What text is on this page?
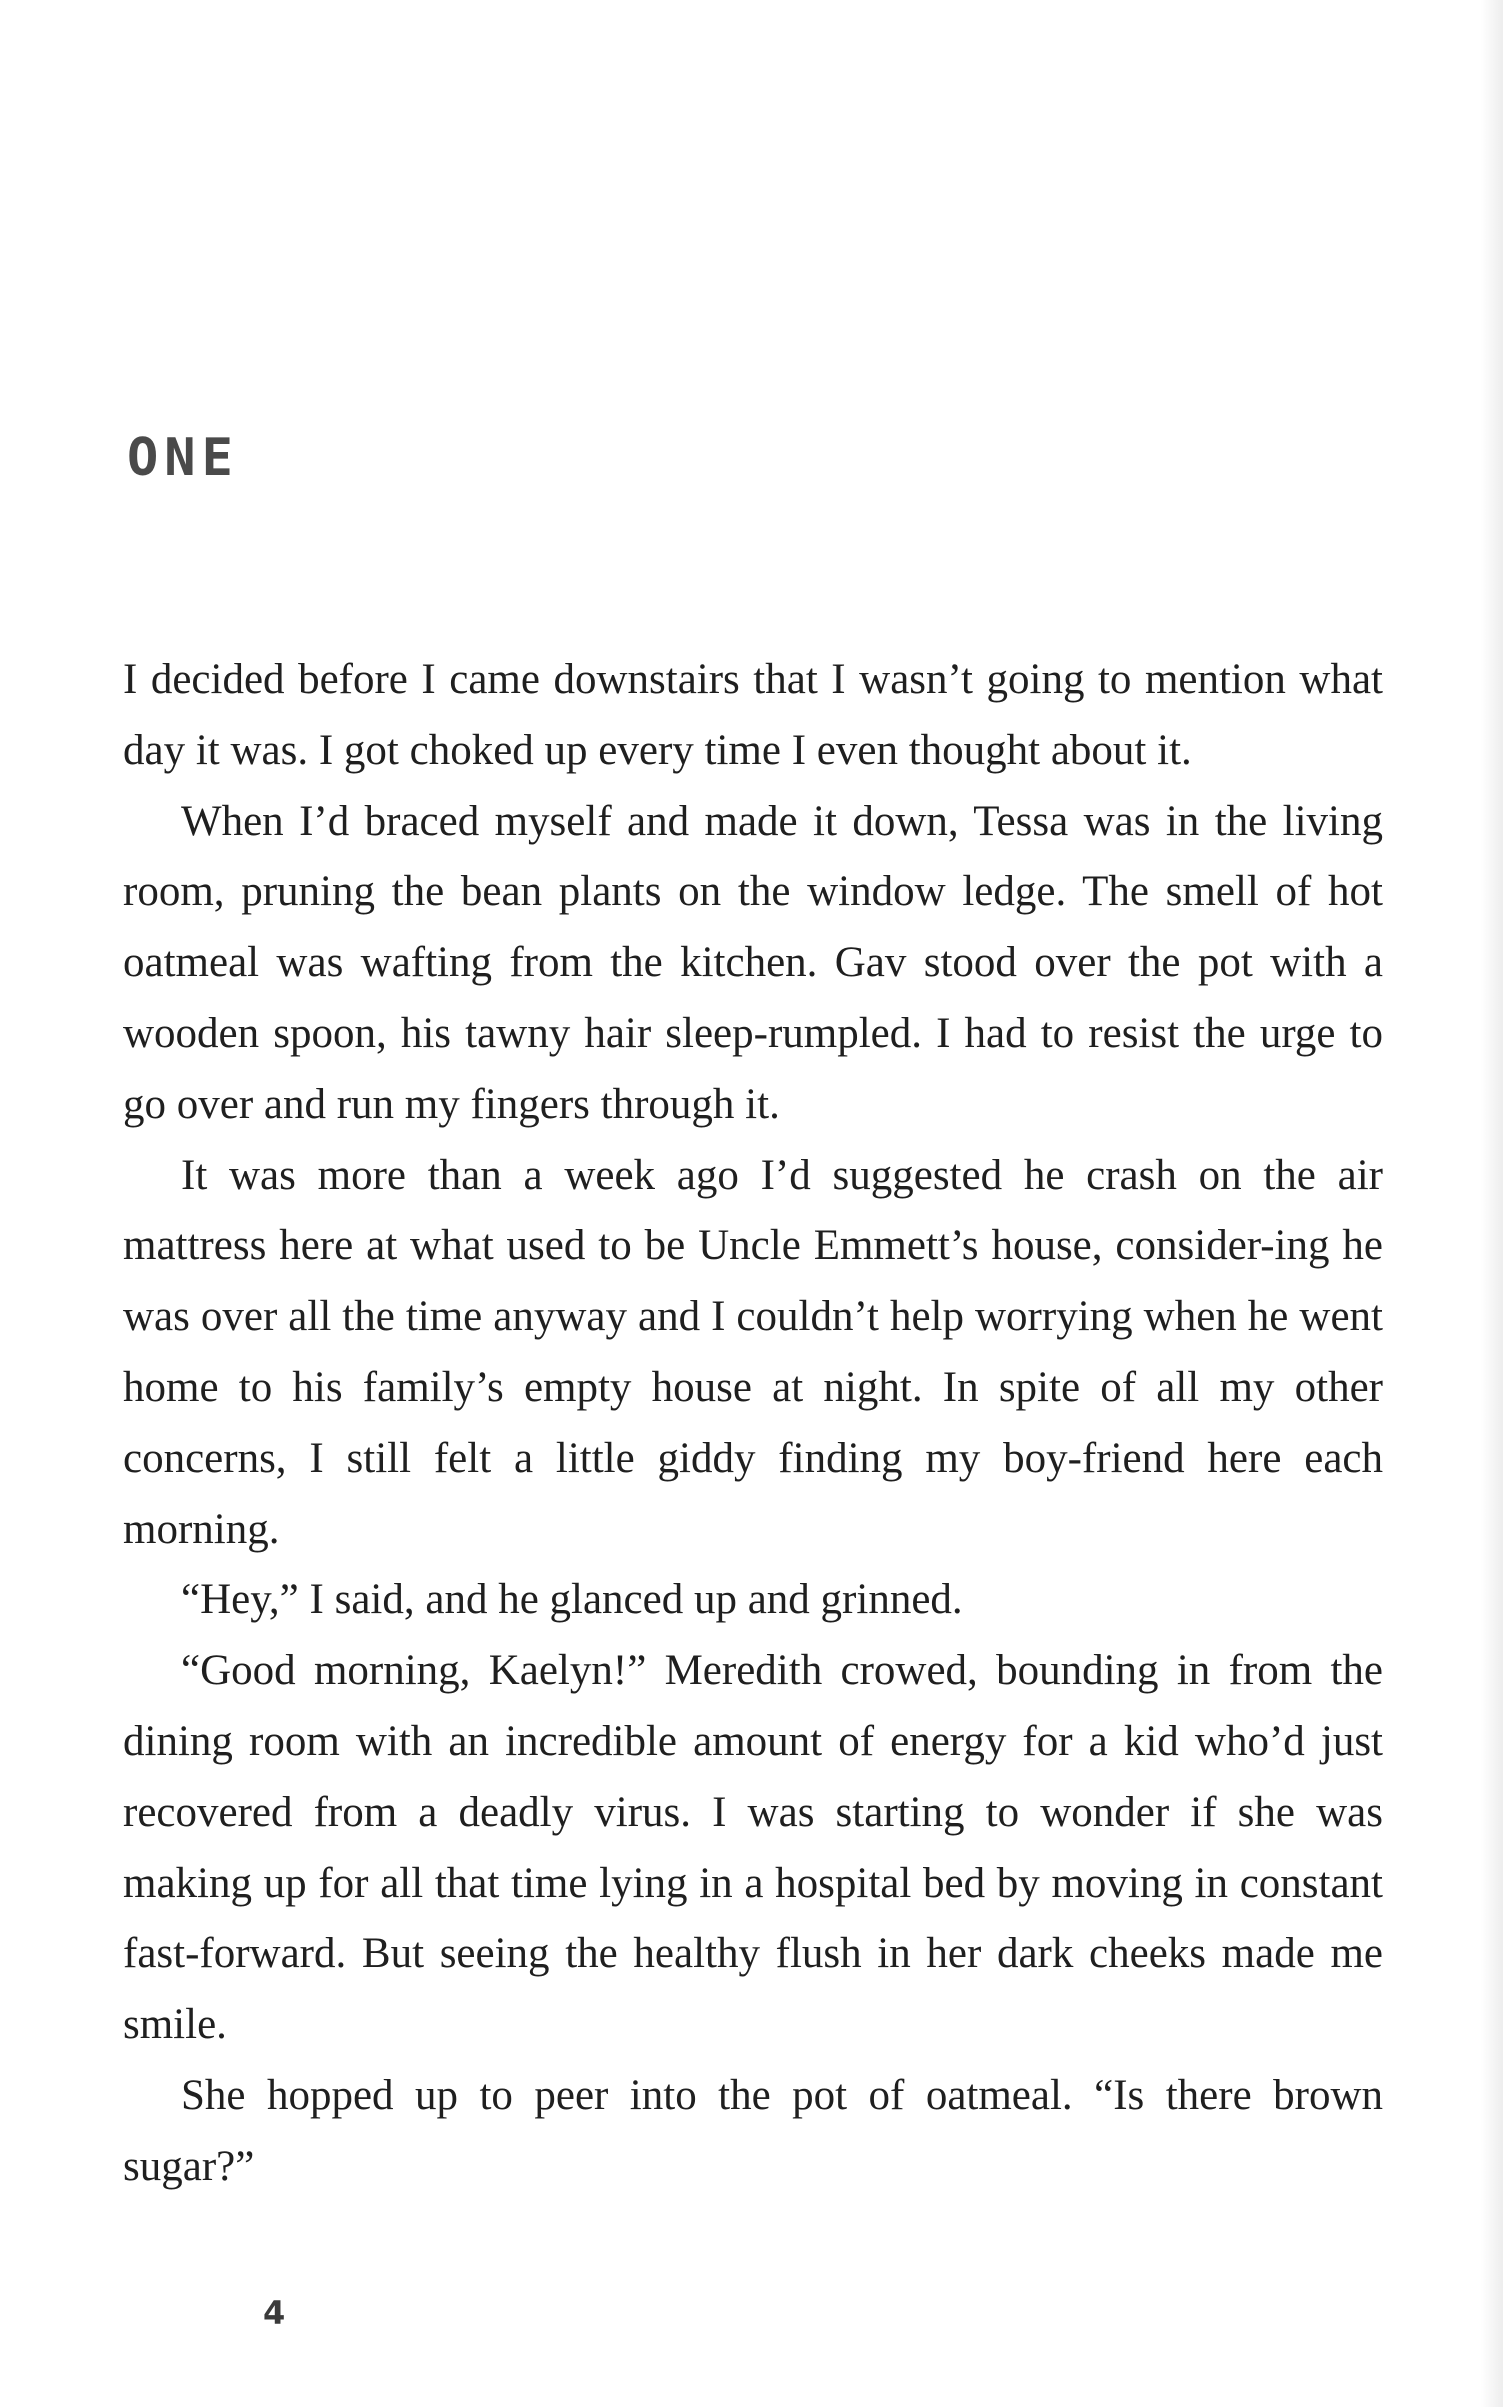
ONE

I decided before I came downstairs that I wasn’t going to mention what day it was. I got choked up every time I even thought about it.

When I’d braced myself and made it down, Tessa was in the living room, pruning the bean plants on the window ledge. The smell of hot oatmeal was wafting from the kitchen. Gav stood over the pot with a wooden spoon, his tawny hair sleep-rumpled. I had to resist the urge to go over and run my fingers through it.

It was more than a week ago I’d suggested he crash on the air mattress here at what used to be Uncle Emmett’s house, consider-ing he was over all the time anyway and I couldn’t help worrying when he went home to his family’s empty house at night. In spite of all my other concerns, I still felt a little giddy finding my boy-friend here each morning.

“Hey,” I said, and he glanced up and grinned.

“Good morning, Kaelyn!” Meredith crowed, bounding in from the dining room with an incredible amount of energy for a kid who’d just recovered from a deadly virus. I was starting to wonder if she was making up for all that time lying in a hospital bed by moving in constant fast-forward. But seeing the healthy flush in her dark cheeks made me smile.

She hopped up to peer into the pot of oatmeal. “Is there brown sugar?”

4
